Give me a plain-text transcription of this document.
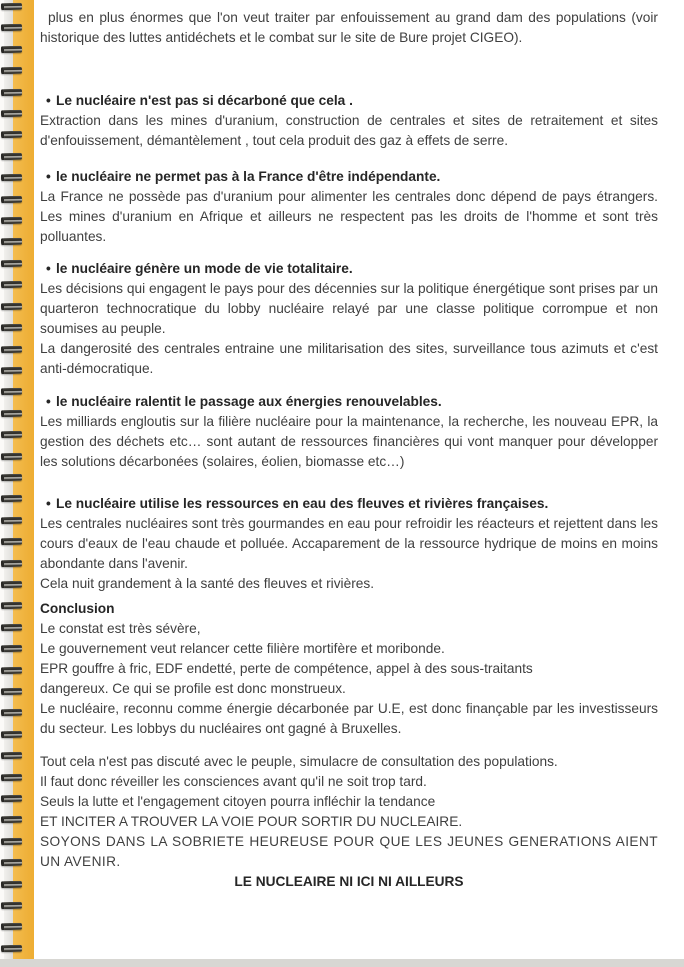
plus en plus énormes que l'on veut traiter par enfouissement au grand dam des populations (voir historique des luttes antidéchets et le combat sur le site de Bure projet CIGEO).

• Le nucléaire n'est pas si décarboné que cela .

Extraction dans les mines d'uranium, construction de centrales et sites de retraitement et sites d'enfouissement, démantèlement , tout cela produit des gaz à effets de serre.

• le nucléaire ne permet pas à la France d'être indépendante.

La France ne possède pas d'uranium pour alimenter les centrales donc dépend de pays étrangers. Les mines d'uranium en Afrique et ailleurs ne respectent pas les droits de l'homme et sont très polluantes.

• le nucléaire génère un mode de vie totalitaire.

Les décisions qui engagent le pays pour des décennies sur la politique énergétique sont prises par un quarteron technocratique du lobby nucléaire relayé par une classe politique corrompue et non soumises au peuple.

La dangerosité des centrales entraine une militarisation des sites, surveillance tous azimuts et c'est anti-démocratique.

• le nucléaire ralentit le passage aux énergies renouvelables.

Les milliards engloutis sur la filière nucléaire pour la maintenance, la recherche, les nouveau EPR, la gestion des déchets etc… sont autant de ressources financières qui vont manquer pour développer les solutions décarbonées (solaires, éolien, biomasse etc…)

• Le nucléaire utilise les ressources en eau des fleuves et rivières françaises.

Les centrales nucléaires sont très gourmandes en eau pour refroidir les réacteurs et rejettent dans les cours d'eaux de l'eau chaude et polluée. Accaparement de la ressource hydrique de moins en moins abondante dans l'avenir.

Cela nuit grandement à la santé des fleuves et rivières.

Conclusion

Le constat est très sévère,

Le gouvernement veut relancer cette filière mortifère et moribonde.

EPR gouffre à fric, EDF endetté, perte de compétence, appel à des sous-traitants

dangereux. Ce qui se profile est donc monstrueux.

Le nucléaire, reconnu comme énergie décarbonée par U.E, est donc finançable par les investisseurs du secteur. Les lobbys du nucléaires ont gagné à Bruxelles.

Tout cela n'est pas discuté avec le peuple, simulacre de consultation des populations.

Il faut donc réveiller les consciences avant qu'il ne soit trop tard.

Seuls la lutte et l'engagement citoyen pourra infléchir la tendance

ET INCITER A TROUVER LA VOIE POUR SORTIR DU NUCLEAIRE.

SOYONS DANS LA SOBRIETE HEUREUSE POUR QUE LES JEUNES GENERATIONS AIENT UN AVENIR.

LE NUCLEAIRE NI ICI NI AILLEURS
